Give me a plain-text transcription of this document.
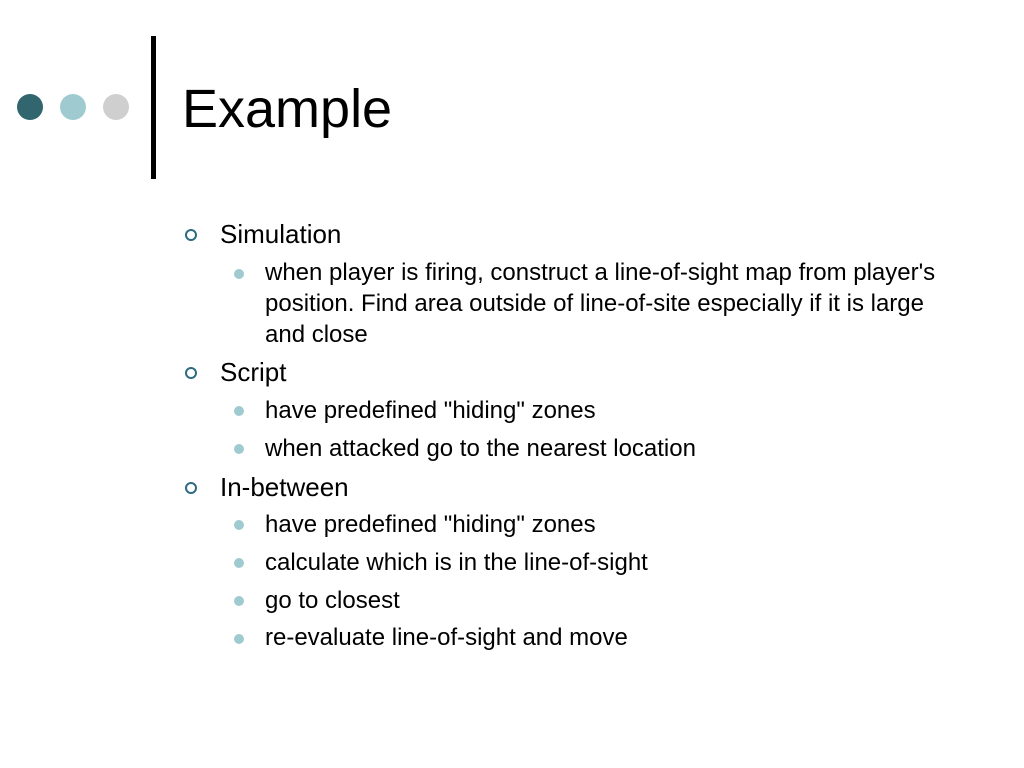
Example
Simulation
when player is firing, construct a line-of-sight map from player's position. Find area outside of line-of-site especially if it is large and close
Script
have predefined "hiding" zones
when attacked go to the nearest location
In-between
have predefined "hiding" zones
calculate which is in the line-of-sight
go to closest
re-evaluate line-of-sight and move
